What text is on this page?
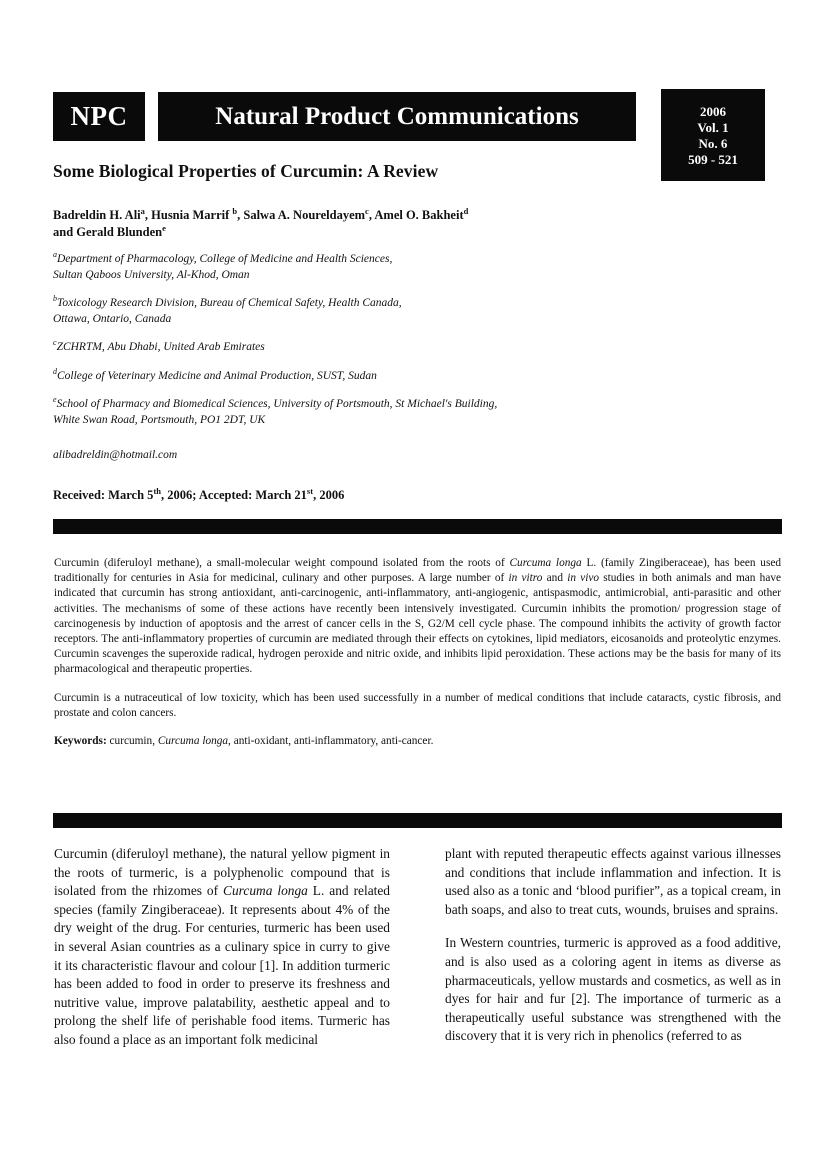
NPC	Natural Product Communications	2006
Vol. 1
No. 6
509 - 521
Some Biological Properties of Curcumin: A Review
Badreldin H. Ali$^a$, Husnia Marrif $^b$, Salwa A. Noureldayem$^c$, Amel O. Bakheit$^d$
and Gerald Blunden$^e$
$^a$Department of Pharmacology, College of Medicine and Health Sciences,
Sultan Qaboos University, Al-Khod, Oman
$^b$Toxicology Research Division, Bureau of Chemical Safety, Health Canada,
Ottawa, Ontario, Canada
$^c$ZCHRTM, Abu Dhabi, United Arab Emirates
$^d$College of Veterinary Medicine and Animal Production, SUST, Sudan
$^e$School of Pharmacy and Biomedical Sciences, University of Portsmouth, St Michael's Building,
White Swan Road, Portsmouth, PO1 2DT, UK
alibadreldin@hotmail.com
Received: March 5th, 2006; Accepted: March 21st, 2006

Curcumin (diferuloyl methane), a small-molecular weight compound isolated from the roots of Curcuma longa L. (family Zingiberaceae), has been used traditionally for centuries in Asia for medicinal, culinary and other purposes. A large number of in vitro and in vivo studies in both animals and man have indicated that curcumin has strong antioxidant, anti-carcinogenic, anti-inflammatory, anti-angiogenic, antispasmodic, antimicrobial, anti-parasitic and other activities. The mechanisms of some of these actions have recently been intensively investigated. Curcumin inhibits the promotion/ progression stage of carcinogenesis by induction of apoptosis and the arrest of cancer cells in the S, G2/M cell cycle phase. The compound inhibits the activity of growth factor receptors. The anti-inflammatory properties of curcumin are mediated through their effects on cytokines, lipid mediators, eicosanoids and proteolytic enzymes. Curcumin scavenges the superoxide radical, hydrogen peroxide and nitric oxide, and inhibits lipid peroxidation. These actions may be the basis for many of its pharmacological and therapeutic properties.

Curcumin is a nutraceutical of low toxicity, which has been used successfully in a number of medical conditions that include cataracts, cystic fibrosis, and prostate and colon cancers.

Keywords: curcumin, Curcuma longa, anti-oxidant, anti-inflammatory, anti-cancer.

Curcumin (diferuloyl methane), the natural yellow pigment in the roots of turmeric, is a polyphenolic compound that is isolated from the rhizomes of Curcuma longa L. and related species (family Zingiberaceae). It represents about 4% of the dry weight of the drug. For centuries, turmeric has been used in several Asian countries as a culinary spice in curry to give it its characteristic flavour and colour [1]. In addition turmeric has been added to food in order to preserve its freshness and nutritive value, improve palatability, aesthetic appeal and to prolong the shelf life of perishable food items. Turmeric has also found a place as an important folk medicinal

plant with reputed therapeutic effects against various illnesses and conditions that include inflammation and infection. It is used also as a tonic and ‘blood purifier”, as a topical cream, in bath soaps, and also to treat cuts, wounds, bruises and sprains.

In Western countries, turmeric is approved as a food additive, and is also used as a coloring agent in items as diverse as pharmaceuticals, yellow mustards and cosmetics, as well as in dyes for hair and fur [2]. The importance of turmeric as a therapeutically useful substance was strengthened with the discovery that it is very rich in phenolics (referred to as
